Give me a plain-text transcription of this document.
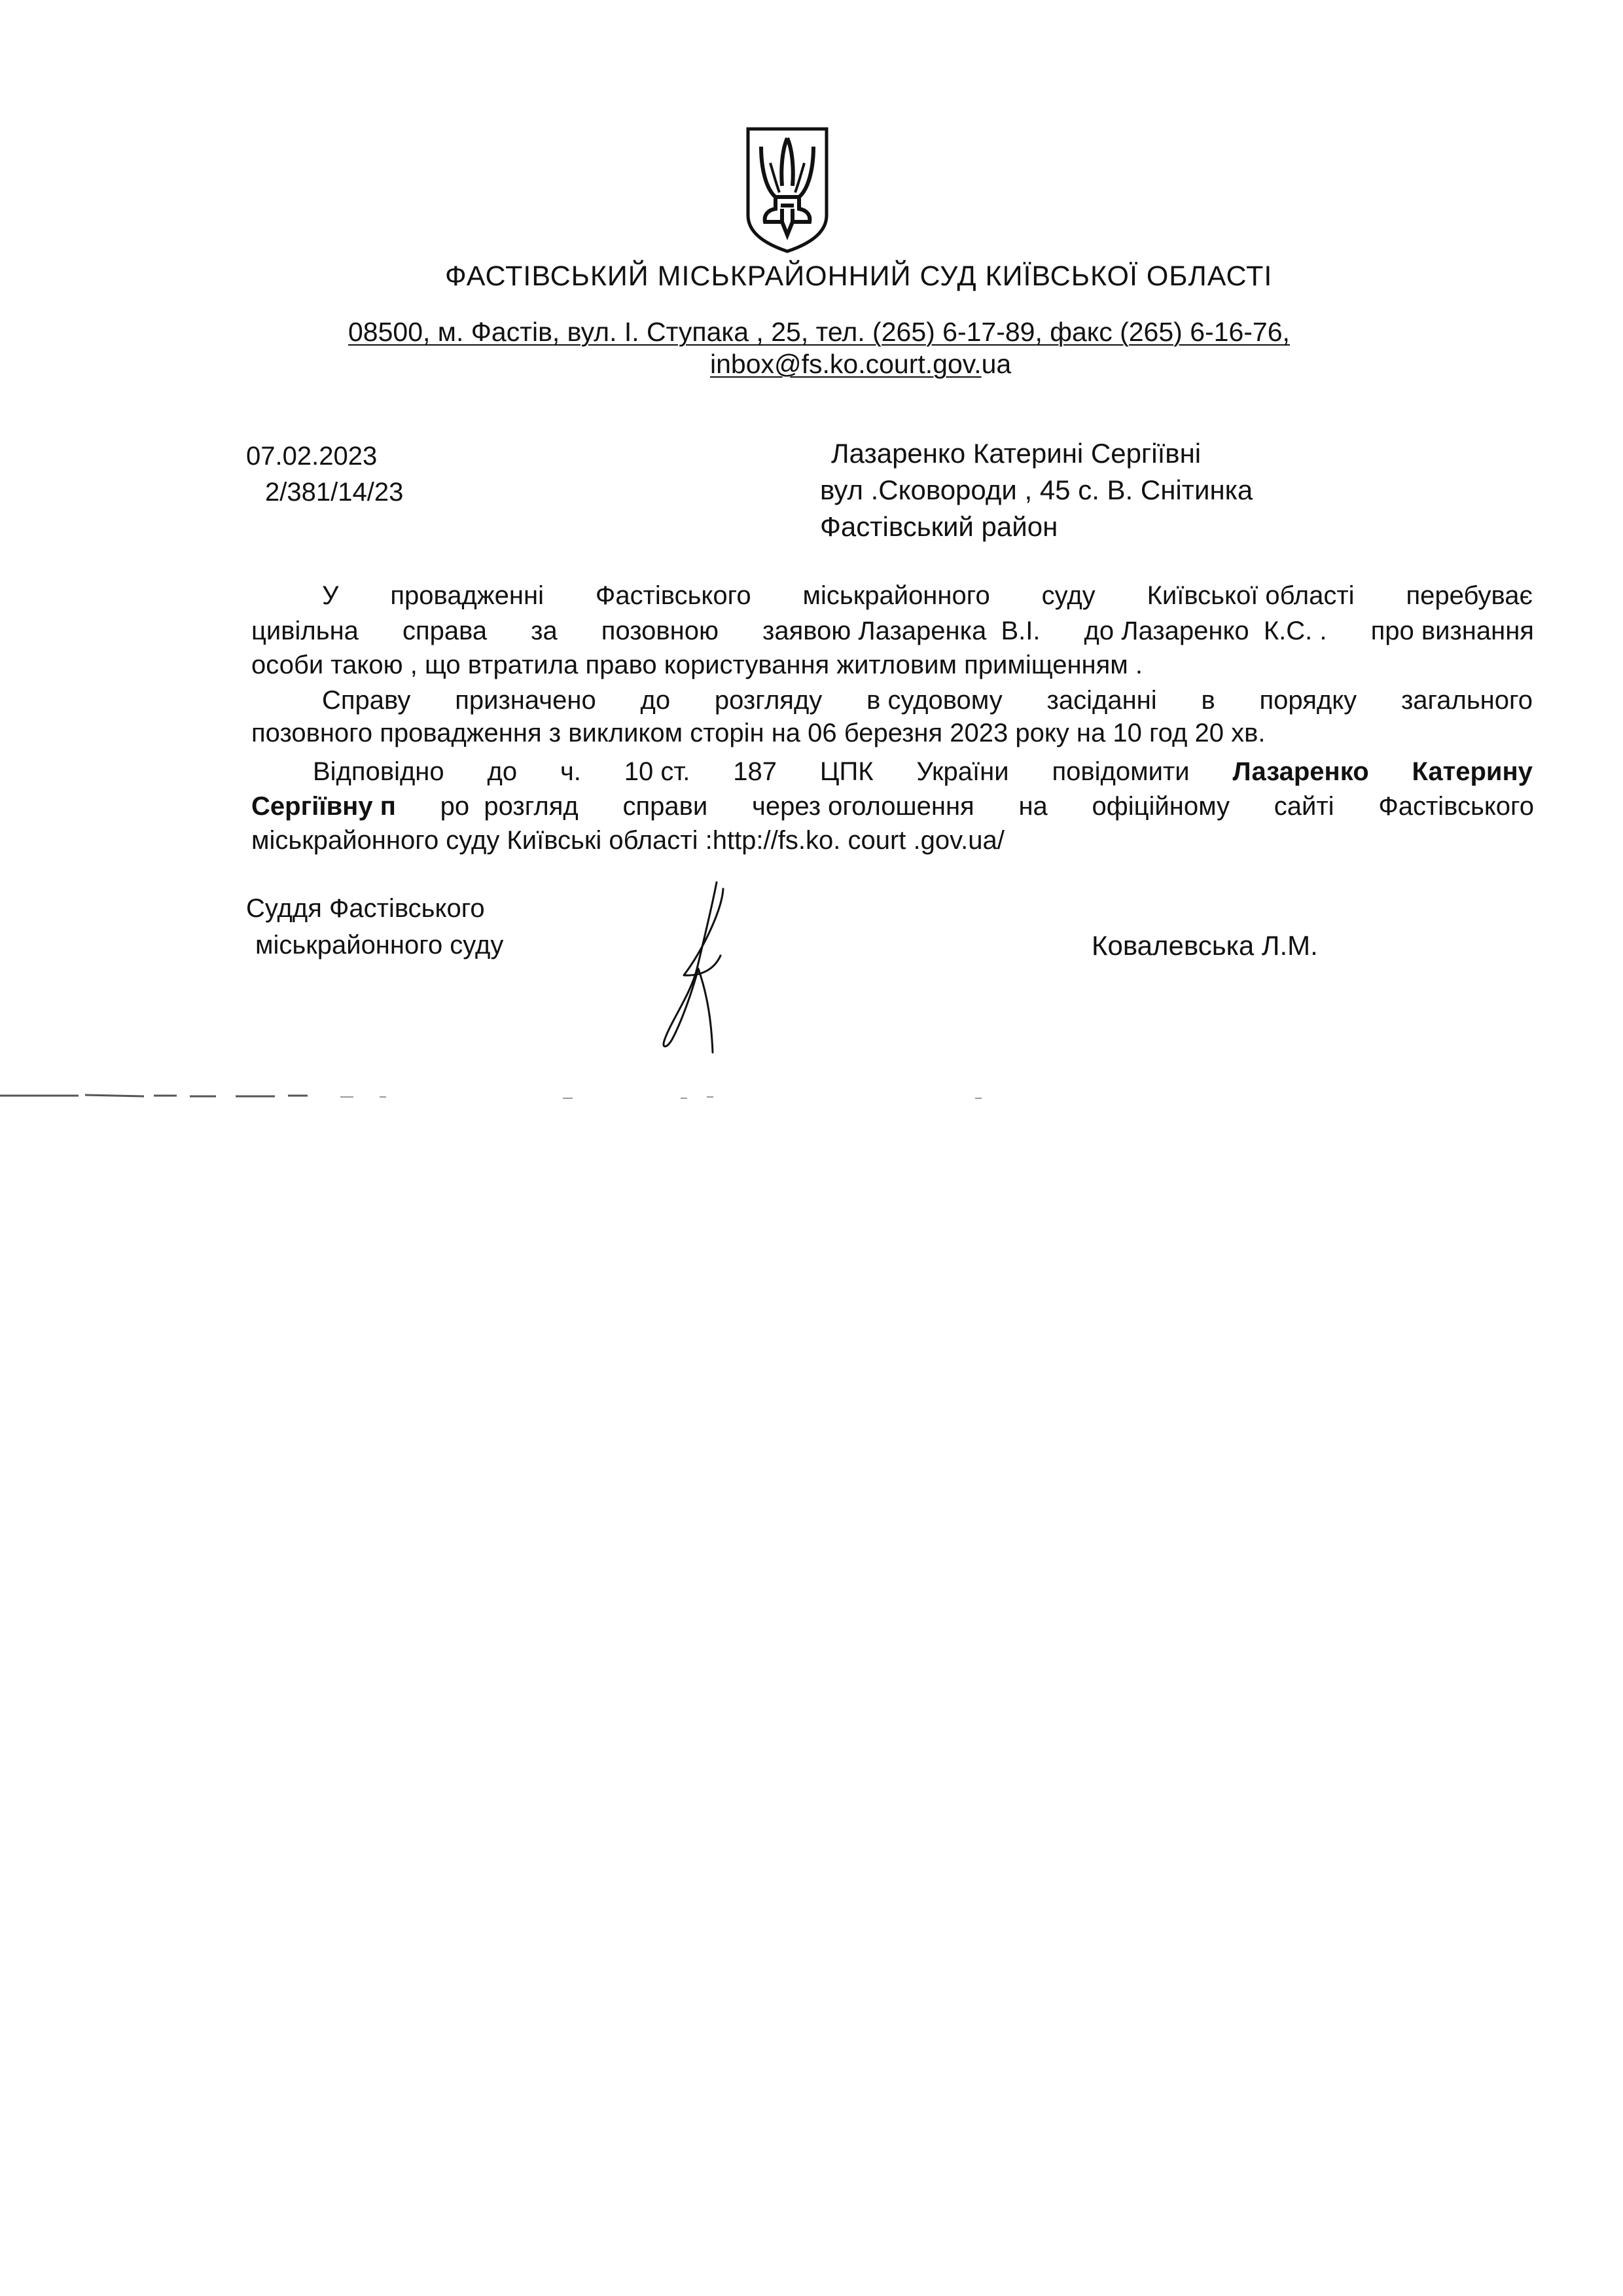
ФАСТІВСЬКИЙ МІСЬКРАЙОННИЙ СУД КИЇВСЬКОЇ ОБЛАСТІ
08500, м. Фастів, вул. І. Ступака , 25, тел. (265) 6-17-89, факс (265) 6-16-76,
inbox@fs.ko.court.gov.ua
07.02.2023
2/381/14/23
Лазаренко Катерині Сергіївні
вул .Сковороди , 45 с. В. Снітинка
Фастівський район
У провадженні Фастівського міськрайонного суду Київської області перебуває
цивільна справа за позовною заявою Лазаренка  В.І. до Лазаренко  К.С. . про визнання
особи такою , що втратила право користування житловим приміщенням .
Справу призначено до розгляду в судовому засіданні в порядку загального
позовного провадження з викликом сторін на 06 березня 2023 року на 10 год 20 хв.
Відповідно до ч. 10 ст. 187 ЦПК України повідомити Лазаренко Катерину
Сергіївну п ро  розгляд справи через оголошення на офіційному сайті Фастівського
міськрайонного суду Київські області :http://fs.ko. court .gov.ua/
Суддя Фастівського
міськрайонного суду	Ковалевська Л.М.
